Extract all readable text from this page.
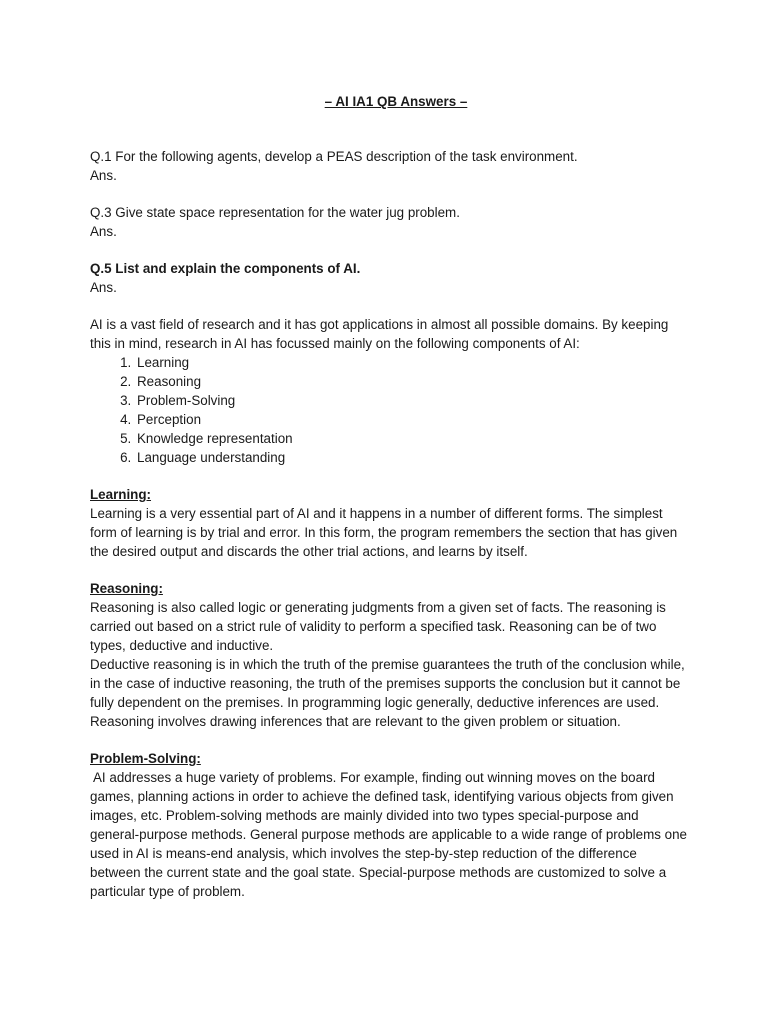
– AI IA1 QB Answers –

Q.1 For the following agents, develop a PEAS description of the task environment.

Ans.

Q.3 Give state space representation for the water jug problem.

Ans.

Q.5 List and explain the components of AI.

Ans.

AI is a vast field of research and it has got applications in almost all possible domains. By keeping this in mind, research in AI has focussed mainly on the following components of AI:

1. Learning
2. Reasoning
3. Problem-Solving
4. Perception
5. Knowledge representation
6. Language understanding

Learning:

Learning is a very essential part of AI and it happens in a number of different forms. The simplest form of learning is by trial and error. In this form, the program remembers the section that has given the desired output and discards the other trial actions, and learns by itself.

Reasoning:

Reasoning is also called logic or generating judgments from a given set of facts. The reasoning is carried out based on a strict rule of validity to perform a specified task. Reasoning can be of two types, deductive and inductive.

Deductive reasoning is in which the truth of the premise guarantees the truth of the conclusion while, in the case of inductive reasoning, the truth of the premises supports the conclusion but it cannot be fully dependent on the premises. In programming logic generally, deductive inferences are used. Reasoning involves drawing inferences that are relevant to the given problem or situation.

Problem-Solving:

AI addresses a huge variety of problems. For example, finding out winning moves on the board games, planning actions in order to achieve the defined task, identifying various objects from given images, etc. Problem-solving methods are mainly divided into two types special-purpose and general-purpose methods. General purpose methods are applicable to a wide range of problems one used in AI is means-end analysis, which involves the step-by-step reduction of the difference between the current state and the goal state. Special-purpose methods are customized to solve a particular type of problem.
